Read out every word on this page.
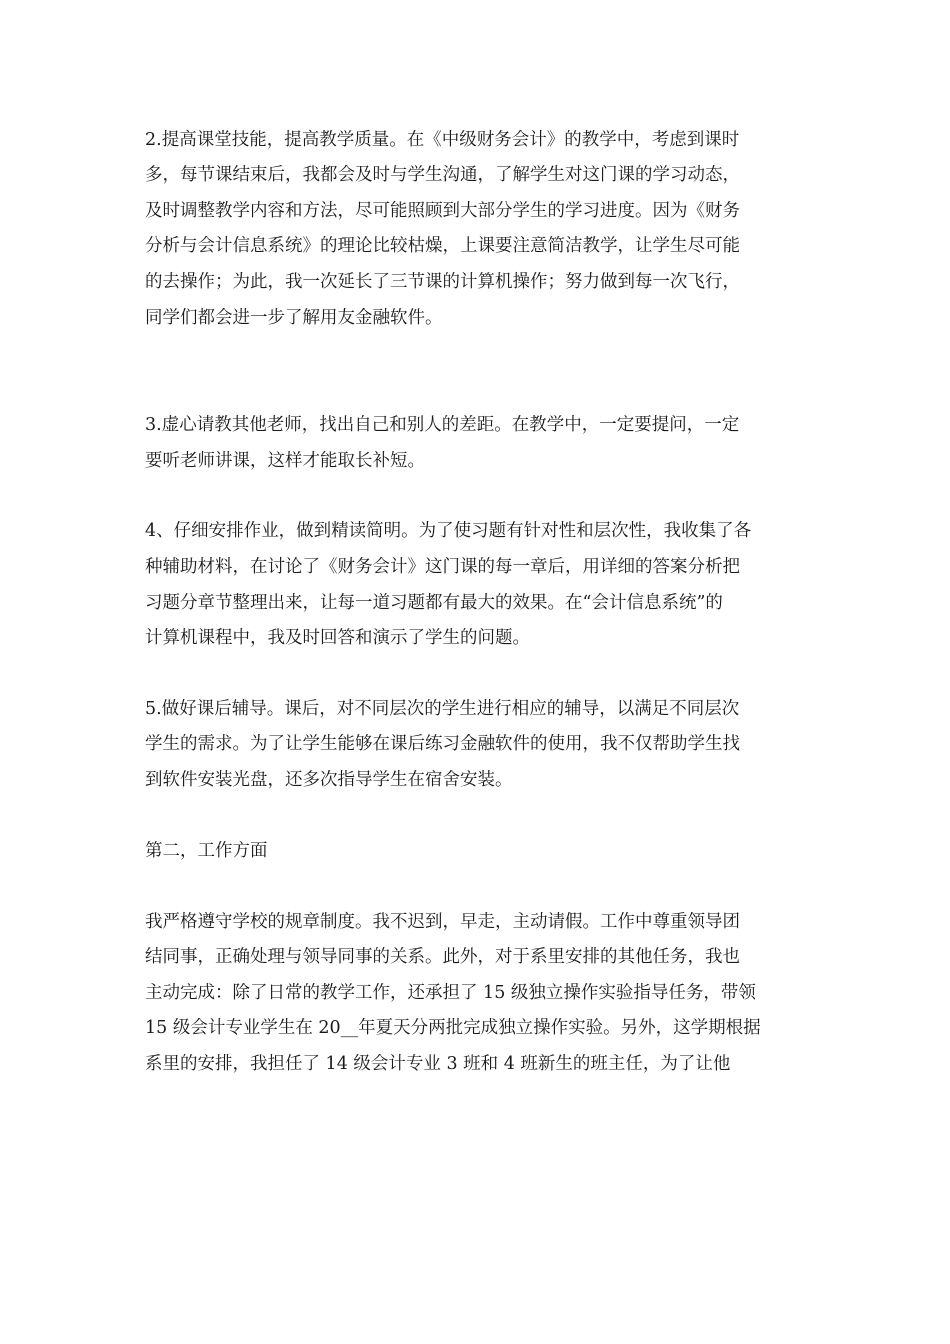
2.提高课堂技能，提高教学质量。在《中级财务会计》的教学中，考虑到课时

多，每节课结束后，我都会及时与学生沟通，了解学生对这门课的学习动态，

及时调整教学内容和方法，尽可能照顾到大部分学生的学习进度。因为《财务

分析与会计信息系统》的理论比较枯燥，上课要注意简洁教学，让学生尽可能

的去操作；为此，我一次延长了三节课的计算机操作；努力做到每一次飞行，

同学们都会进一步了解用友金融软件。

3.虚心请教其他老师，找出自己和别人的差距。在教学中，一定要提问，一定

要听老师讲课，这样才能取长补短。

4、仔细安排作业，做到精读简明。为了使习题有针对性和层次性，我收集了各

种辅助材料，在讨论了《财务会计》这门课的每一章后，用详细的答案分析把

习题分章节整理出来，让每一道习题都有最大的效果。在“会计信息系统”的

计算机课程中，我及时回答和演示了学生的问题。

5.做好课后辅导。课后，对不同层次的学生进行相应的辅导，以满足不同层次

学生的需求。为了让学生能够在课后练习金融软件的使用，我不仅帮助学生找

到软件安装光盘，还多次指导学生在宿舍安装。

第二，工作方面

我严格遵守学校的规章制度。我不迟到，早走，主动请假。工作中尊重领导团

结同事，正确处理与领导同事的关系。此外，对于系里安排的其他任务，我也

主动完成：除了日常的教学工作，还承担了 15 级独立操作实验指导任务，带领

15 级会计专业学生在 20__年夏天分两批完成独立操作实验。另外，这学期根据

系里的安排，我担任了 14 级会计专业 3 班和 4 班新生的班主任，为了让他
